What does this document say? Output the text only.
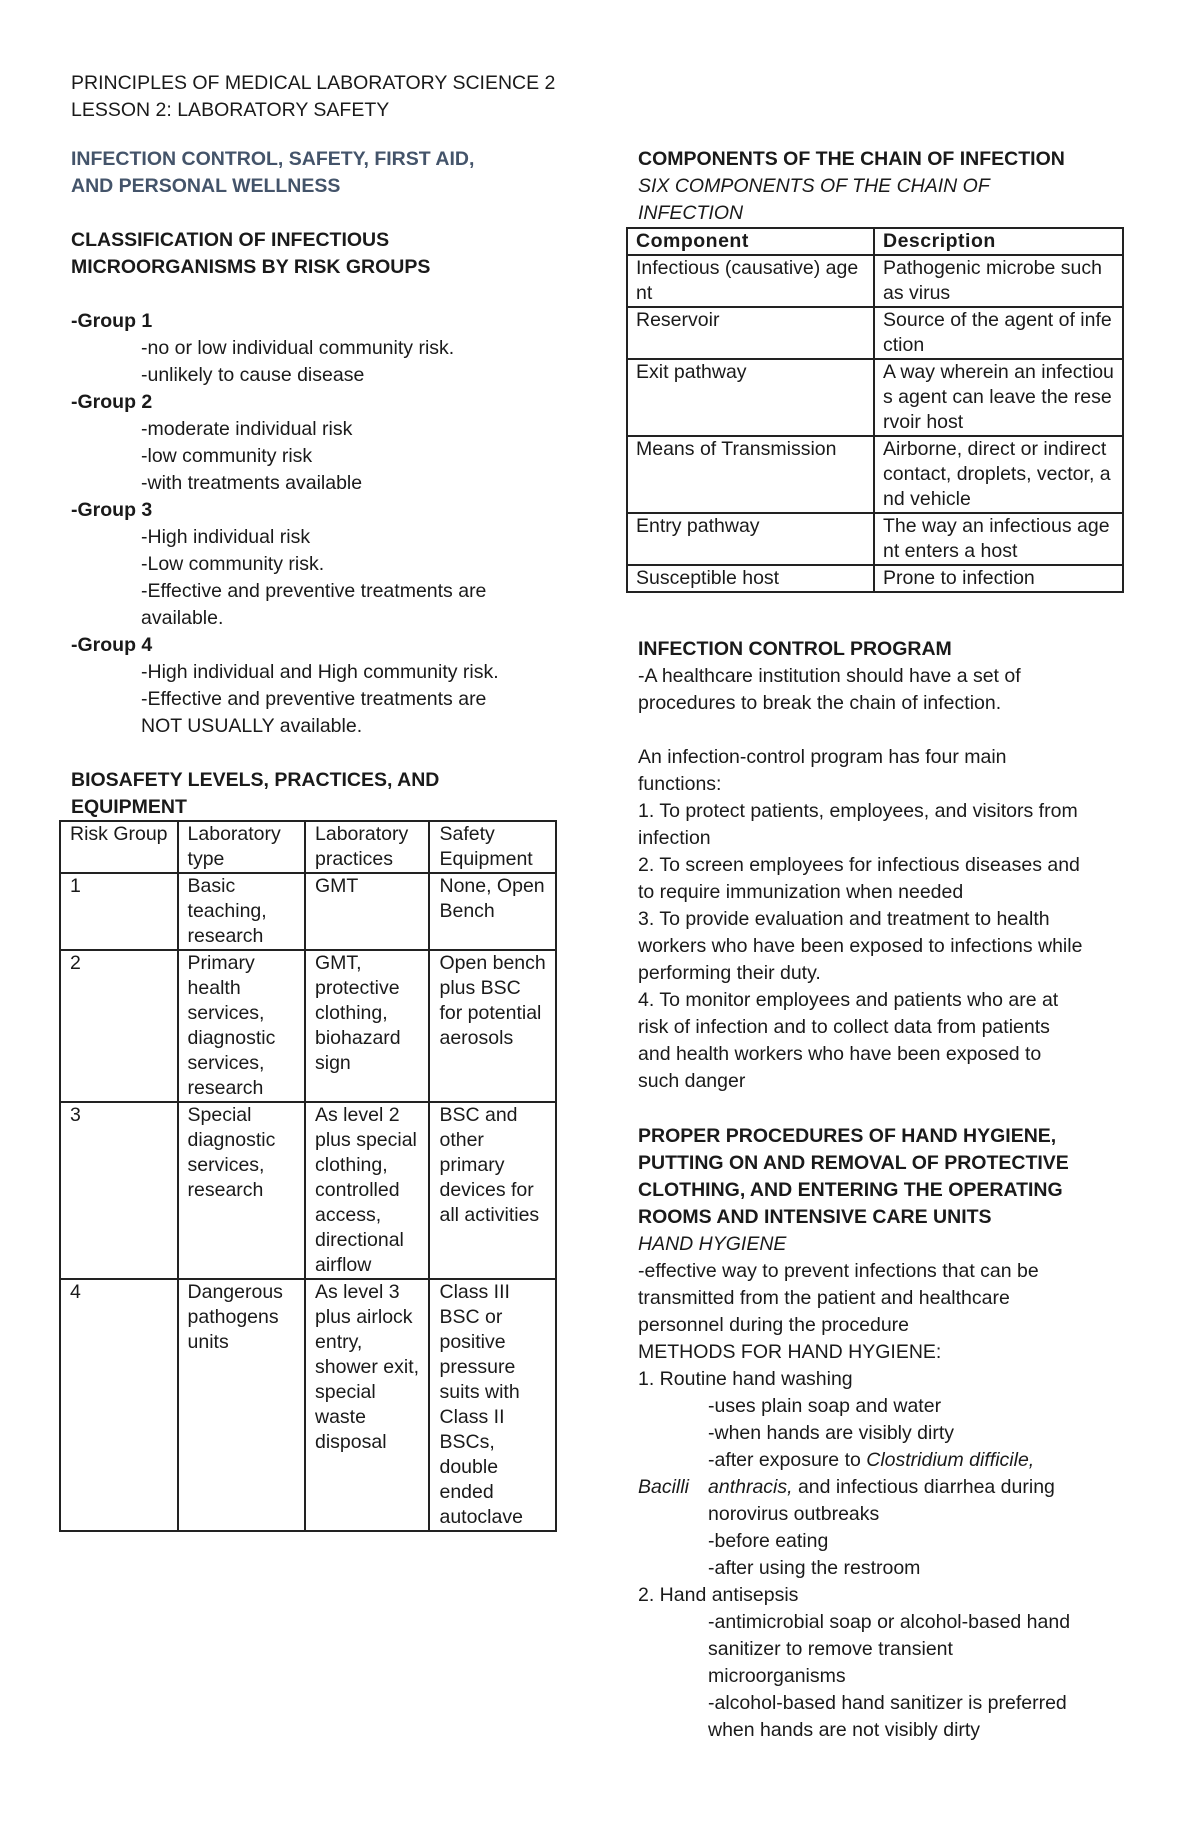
PRINCIPLES OF MEDICAL LABORATORY SCIENCE 2

LESSON 2: LABORATORY SAFETY

INFECTION CONTROL, SAFETY, FIRST AID,

AND PERSONAL WELLNESS

CLASSIFICATION OF INFECTIOUS

MICROORGANISMS BY RISK GROUPS

-Group 1

-no or low individual community risk.

-unlikely to cause disease

-Group 2

-moderate individual risk

-low community risk

-with treatments available

-Group 3

-High individual risk

-Low community risk.

-Effective and preventive treatments are

available.

-Group 4

-High individual and High community risk.

-Effective and preventive treatments are

NOT USUALLY available.

BIOSAFETY LEVELS, PRACTICES, AND

EQUIPMENT

Risk Group	Laboratory type	Laboratory practices	Safety Equipment
1	Basic teaching, research	GMT	None, Open Bench
2	Primary health services, diagnostic services, research	GMT, protective clothing, biohazard sign	Open bench plus BSC for potential aerosols
3	Special diagnostic services, research	As level 2 plus special clothing, controlled access, directional airflow	BSC and other primary devices for all activities
4	Dangerous pathogens units	As level 3 plus airlock entry, shower exit, special waste disposal	Class III BSC or positive pressure suits with Class II BSCs, double ended autoclave

COMPONENTS OF THE CHAIN OF INFECTION

SIX COMPONENTS OF THE CHAIN OF

INFECTION

Component	Description
Infectious (causative) agent	Pathogenic microbe such as virus
Reservoir	Source of the agent of infection
Exit pathway	A way wherein an infectious agent can leave the reservoir host
Means of Transmission	Airborne, direct or indirect contact, droplets, vector, and vehicle
Entry pathway	The way an infectious agent enters a host
Susceptible host	Prone to infection

INFECTION CONTROL PROGRAM

-A healthcare institution should have a set of

procedures to break the chain of infection.

An infection-control program has four main

functions:

1. To protect patients, employees, and visitors from

infection

2. To screen employees for infectious diseases and

to require immunization when needed

3. To provide evaluation and treatment to health

workers who have been exposed to infections while

performing their duty.

4. To monitor employees and patients who are at

risk of infection and to collect data from patients

and health workers who have been exposed to

such danger

PROPER PROCEDURES OF HAND HYGIENE,

PUTTING ON AND REMOVAL OF PROTECTIVE

CLOTHING, AND ENTERING THE OPERATING

ROOMS AND INTENSIVE CARE UNITS

HAND HYGIENE

-effective way to prevent infections that can be

transmitted from the patient and healthcare

personnel during the procedure

METHODS FOR HAND HYGIENE:

1. Routine hand washing

-uses plain soap and water

-when hands are visibly dirty

-after exposure to Clostridium difficile,

Bacilli anthracis, and infectious diarrhea during

norovirus outbreaks

-before eating

-after using the restroom

2. Hand antisepsis

-antimicrobial soap or alcohol-based hand

sanitizer to remove transient

microorganisms

-alcohol-based hand sanitizer is preferred

when hands are not visibly dirty
